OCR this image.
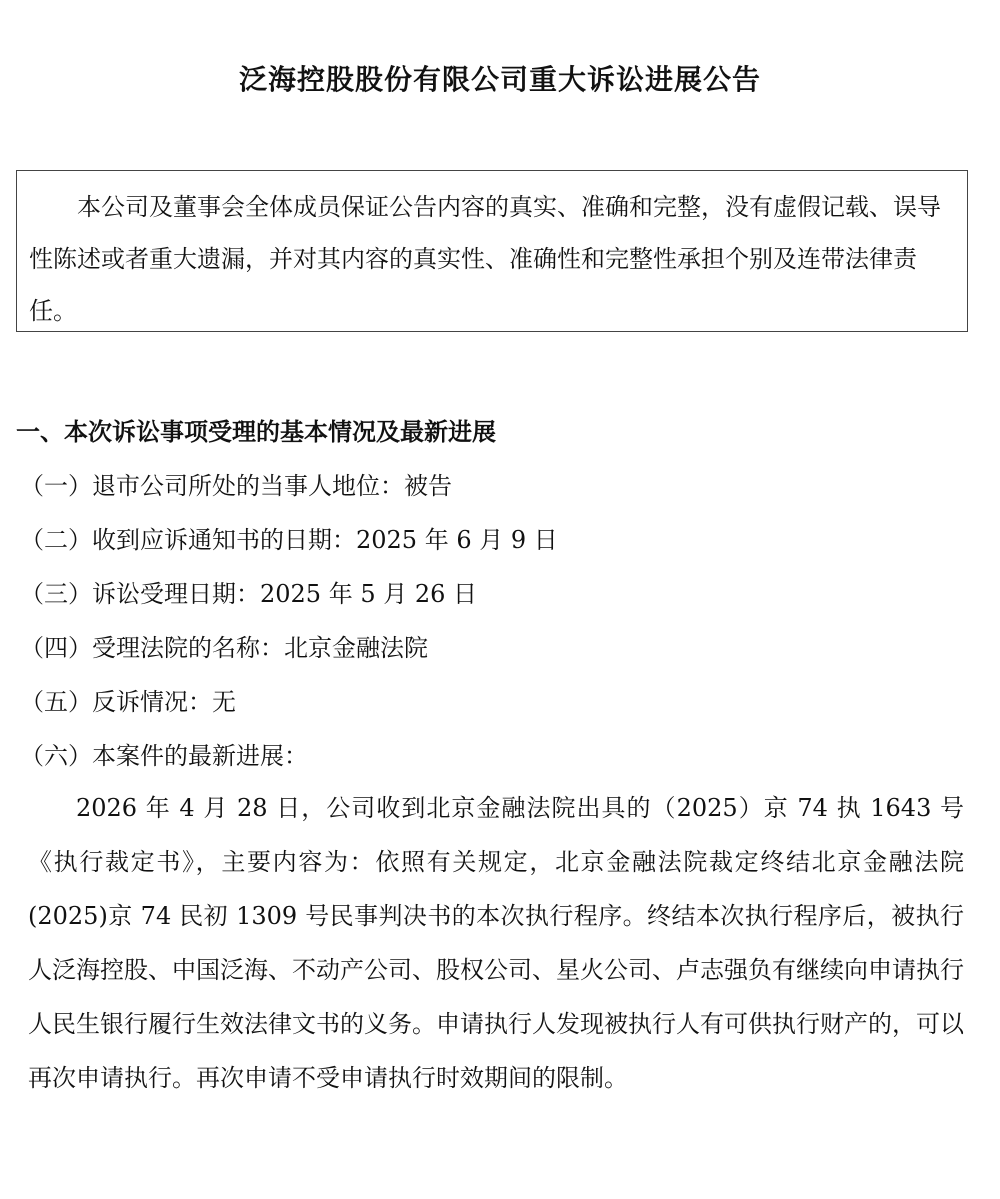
泛海控股股份有限公司重大诉讼进展公告

本公司及董事会全体成员保证公告内容的真实、准确和完整，没有虚假记载、误导性陈述或者重大遗漏，并对其内容的真实性、准确性和完整性承担个别及连带法律责任。

一、本次诉讼事项受理的基本情况及最新进展
（一）退市公司所处的当事人地位：被告
（二）收到应诉通知书的日期：2025 年 6 月 9 日
（三）诉讼受理日期：2025 年 5 月 26 日
（四）受理法院的名称：北京金融法院
（五）反诉情况：无
（六）本案件的最新进展：

2026 年 4 月 28 日，公司收到北京金融法院出具的（2025）京 74 执 1643 号《执行裁定书》，主要内容为：依照有关规定，北京金融法院裁定终结北京金融法院(2025)京 74 民初 1309 号民事判决书的本次执行程序。终结本次执行程序后，被执行人泛海控股、中国泛海、不动产公司、股权公司、星火公司、卢志强负有继续向申请执行人民生银行履行生效法律文书的义务。申请执行人发现被执行人有可供执行财产的，可以再次申请执行。再次申请不受申请执行时效期间的限制。
